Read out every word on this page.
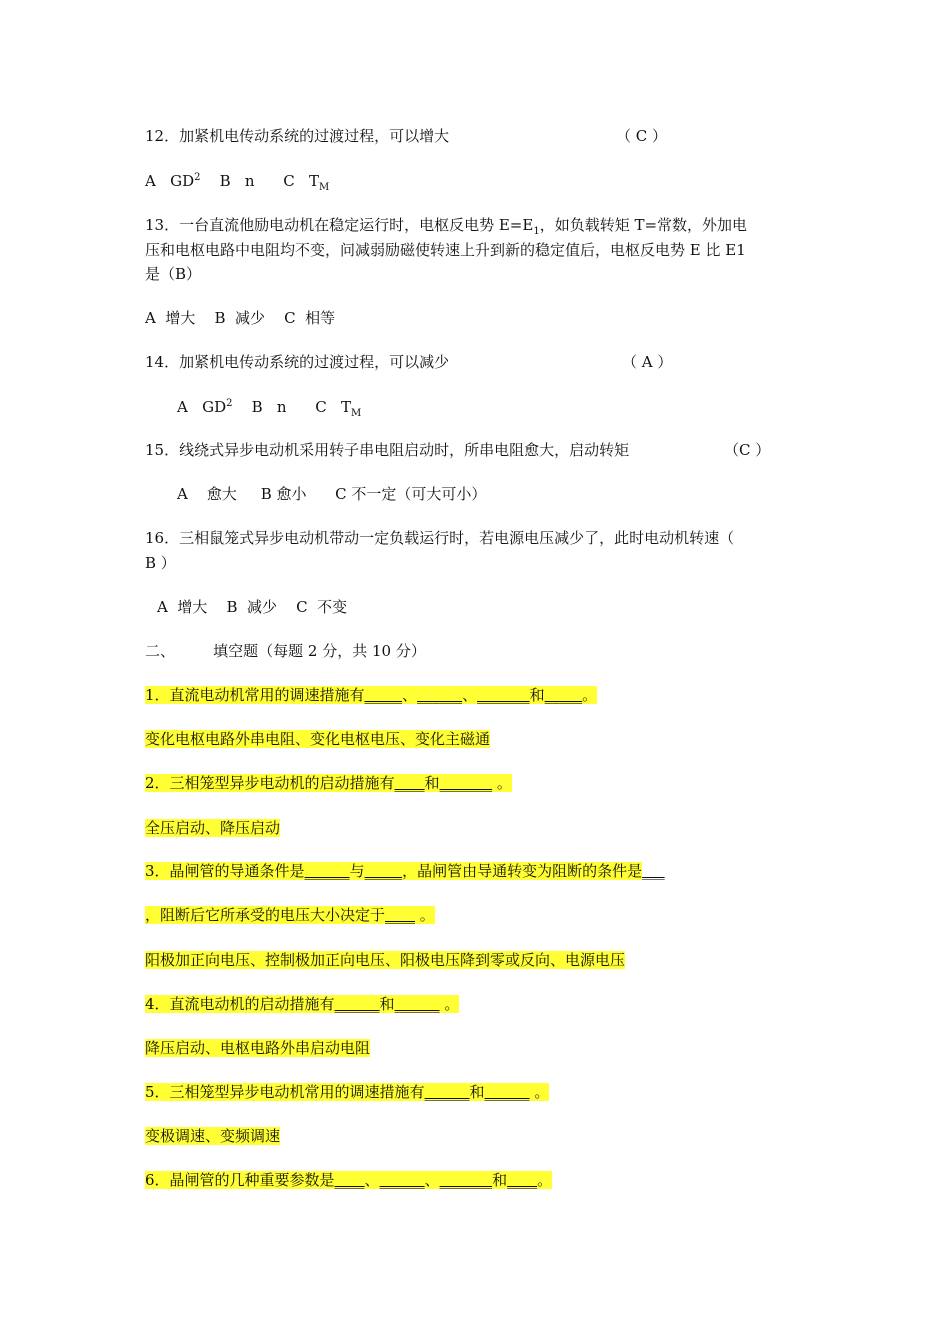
12．加紧机电传动系统的过渡过程，可以增大	（ C ）
A   $GD^2$    B   n      C   $T_M$
13．一台直流他励电动机在稳定运行时，电枢反电势 $E=E_1$，如负载转矩 T=常数，外加电
压和电枢电路中电阻均不变，问减弱励磁使转速上升到新的稳定值后，电枢反电势 E 比 E1
是（B）
A  增大    B  减少    C  相等
14．加紧机电传动系统的过渡过程，可以减少	（ A ）
A   $GD^2$    B   n      C   $T_M$
15．线绕式异步电动机采用转子串电阻启动时，所串电阻愈大，启动转矩	（C ）
A    愈大     B 愈小      C 不一定（可大可小）
16．三相鼠笼式异步电动机带动一定负载运行时，若电源电压减少了，此时电动机转速（
B ）
A  增大    B  减少    C  不变
二、        填空题（每题 2 分，共 10 分）
1．直流电动机常用的调速措施有_____、______、_______和_____。
变化电枢电路外串电阻、变化电枢电压、变化主磁通
2．三相笼型异步电动机的启动措施有____和_______ 。
全压启动、降压启动
3．晶闸管的导通条件是______与_____，晶闸管由导通转变为阻断的条件是___
，阻断后它所承受的电压大小决定于____ 。
阳极加正向电压、控制极加正向电压、阳极电压降到零或反向、电源电压
4．直流电动机的启动措施有______和______ 。
降压启动、电枢电路外串启动电阻
5．三相笼型异步电动机常用的调速措施有______和______ 。
变极调速、变频调速
6．晶闸管的几种重要参数是____、______、_______和____。
